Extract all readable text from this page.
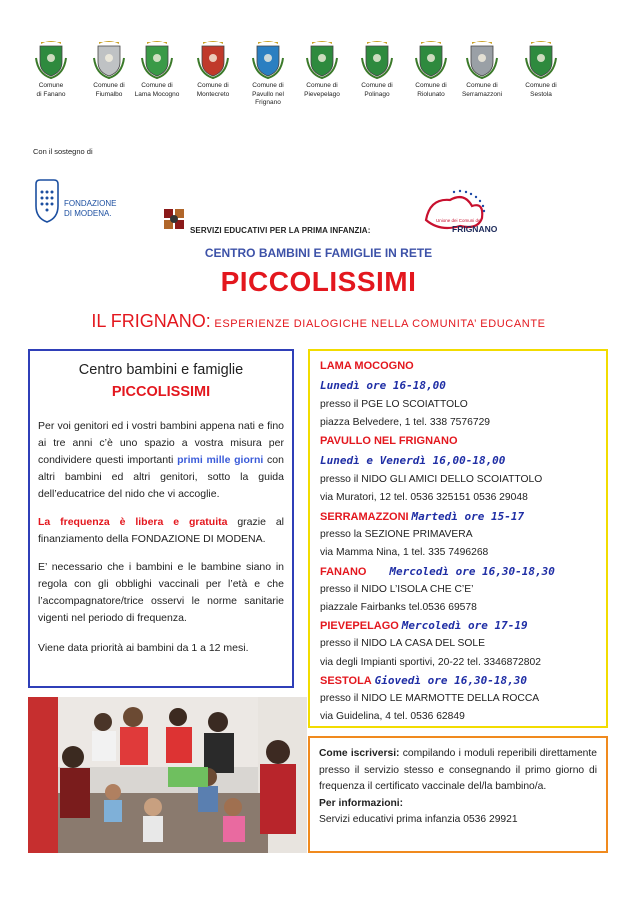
Comune
di Fanano
Comune di
Fiumalbo
Comune di
Lama Mocogno
Comune di
Montecreto
Comune di
Pavullo nel
Frignano
Comune di
Pievepelago
Comune di
Polinago
Comune di
Riolunato
Comune di
Serramazzoni
Comune di
Sestola
Con il sostegno di
FONDAZIONE
DI MODENA.
SERVIZI EDUCATIVI PER LA PRIMA INFANZIA:
Unione dei Comuni del
FRIGNANO
CENTRO BAMBINI E FAMIGLIE IN RETE
PICCOLISSIMI
IL FRIGNANO: ESPERIENZE DIALOGICHE NELLA COMUNITA’ EDUCANTE
Centro bambini e famiglie
PICCOLISSIMI
Per voi genitori ed i vostri bambini appena nati e fino ai tre anni c’è uno spazio a vostra misura per condividere questi importanti primi mille giorni con altri bambini ed altri genitori, sotto la guida dell’educatrice del nido che vi accoglie.
La frequenza è libera e gratuita grazie al finanziamento della FONDAZIONE DI MODENA.
E’ necessario che i bambini e le bambine siano in regola con gli obblighi vaccinali per l’età e che l’accompagnatore/trice osservi le norme sanitarie vigenti nel periodo di frequenza.
Viene data priorità ai bambini da 1 a 12 mesi.
LAMA MOCOGNO
Lunedì ore 16-18,00
presso il PGE LO SCOIATTOLO
piazza Belvedere, 1 tel. 338 7576729
PAVULLO NEL FRIGNANO
Lunedì e Venerdì 16,00-18,00
presso il NIDO GLI AMICI DELLO SCOIATTOLO
via Muratori, 12 tel. 0536 325151 0536 29048
SERRAMAZZONI Martedì ore 15-17
presso la SEZIONE PRIMAVERA
via Mamma Nina, 1 tel. 335 7496268
FANANO Mercoledì ore 16,30-18,30
presso il NIDO L’ISOLA CHE C’E’
piazzale Fairbanks tel.0536 69578
PIEVEPELAGO Mercoledì ore 17-19
presso il NIDO LA CASA DEL SOLE
via degli Impianti sportivi, 20-22 tel. 3346872802
SESTOLA Giovedì ore 16,30-18,30
presso il NIDO LE MARMOTTE DELLA ROCCA
via Guidelina, 4 tel. 0536 62849
Come iscriversi: compilando i moduli reperibili direttamente presso il servizio stesso e consegnando il primo giorno di frequenza il certificato vaccinale del/la bambino/a.
Per informazioni:
Servizi educativi prima infanzia 0536 29921
